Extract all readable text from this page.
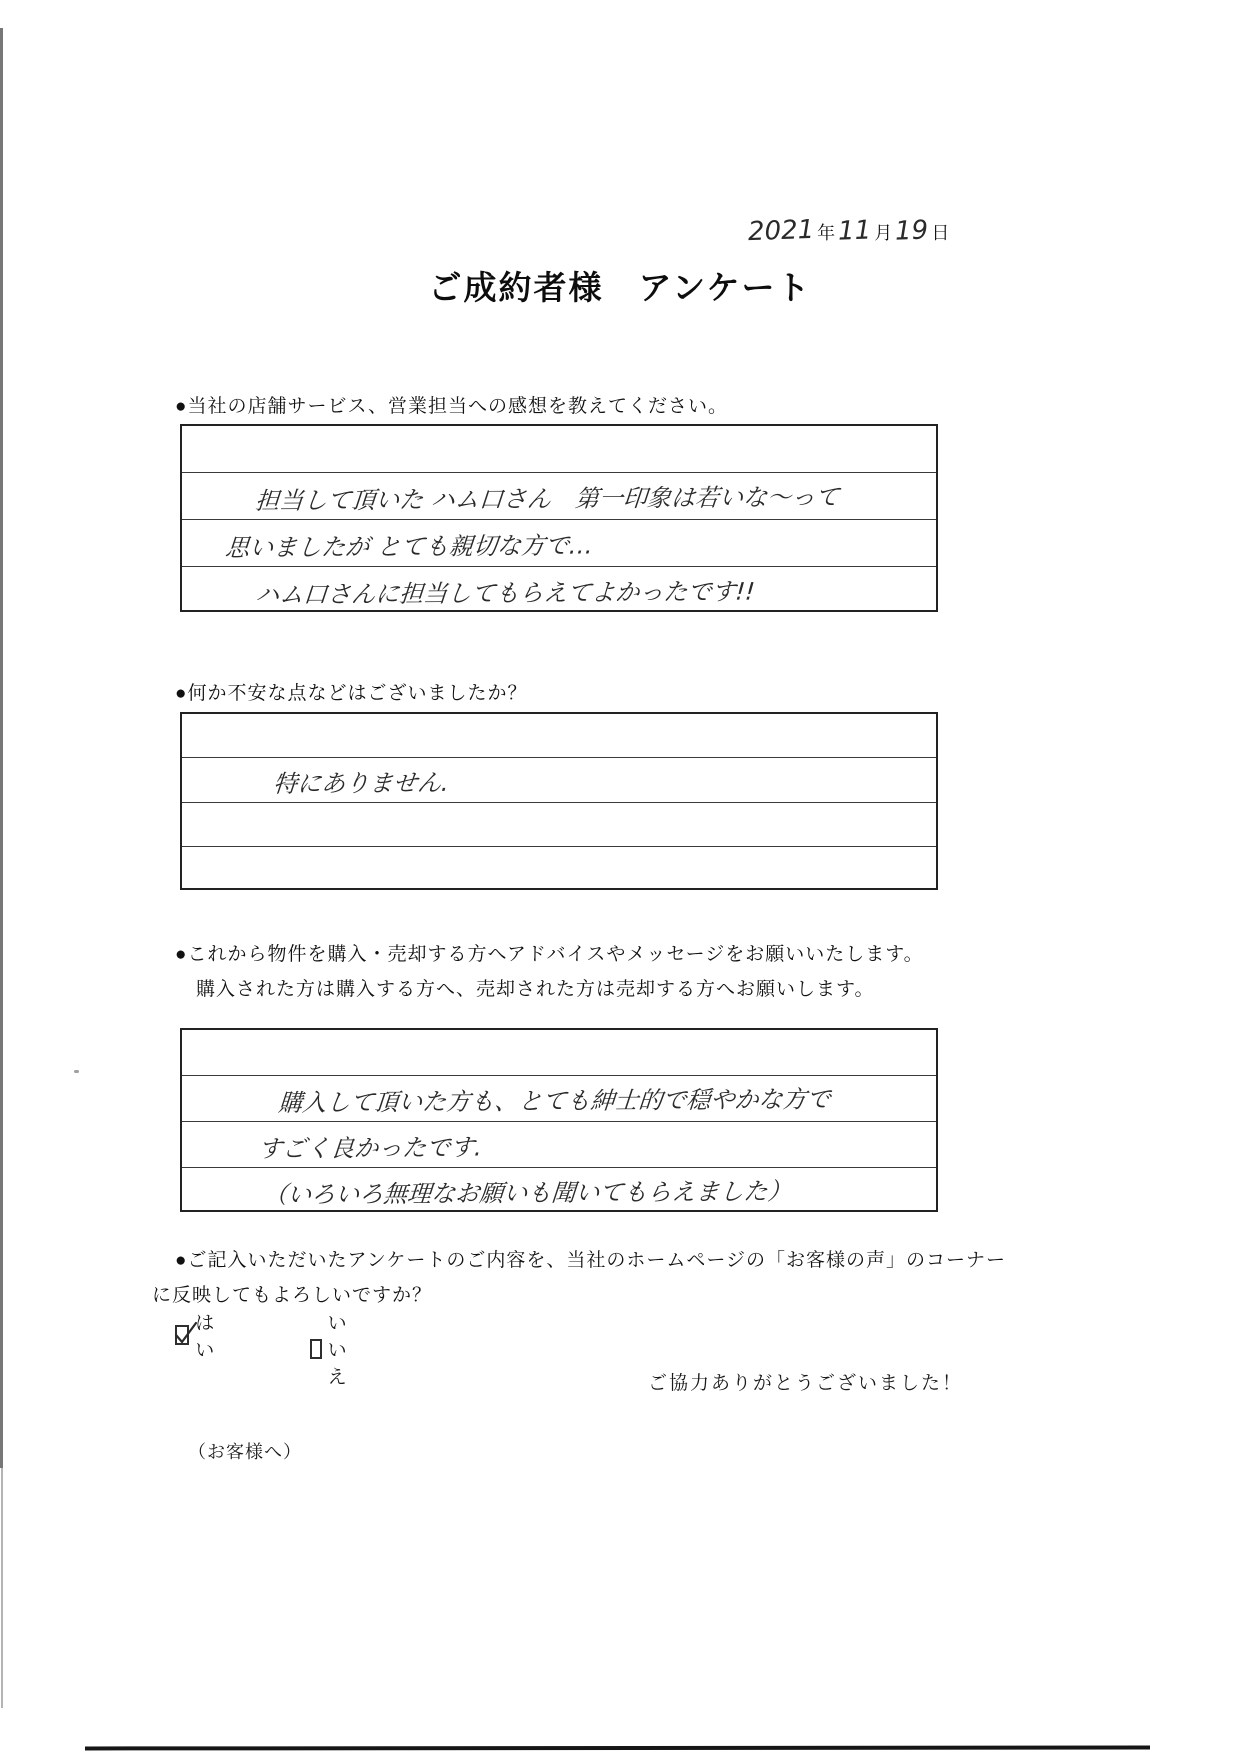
2021 年11 月19 日
ご成約者様　アンケート
●当社の店舗サービス、営業担当への感想を教えてください。
担当して頂いた ハム口さん　第一印象は若いな〜って
思いましたが とても親切な方で…
ハム口さんに担当してもらえてよかったです!!
●何か不安な点などはございましたか？
特にありません.
●これから物件を購入・売却する方へアドバイスやメッセージをお願いいたします。
購入された方は購入する方へ、売却された方は売却する方へお願いします。
購入して頂いた方も、とても紳士的で穏やかな方で
すごく良かったです.
（いろいろ無理なお願いも聞いてもらえました）
●ご記入いただいたアンケートのご内容を、当社のホームページの「お客様の声」のコーナー
に反映してもよろしいですか？
はい
いいえ	ご協力ありがとうございました！
（お客様へ）
